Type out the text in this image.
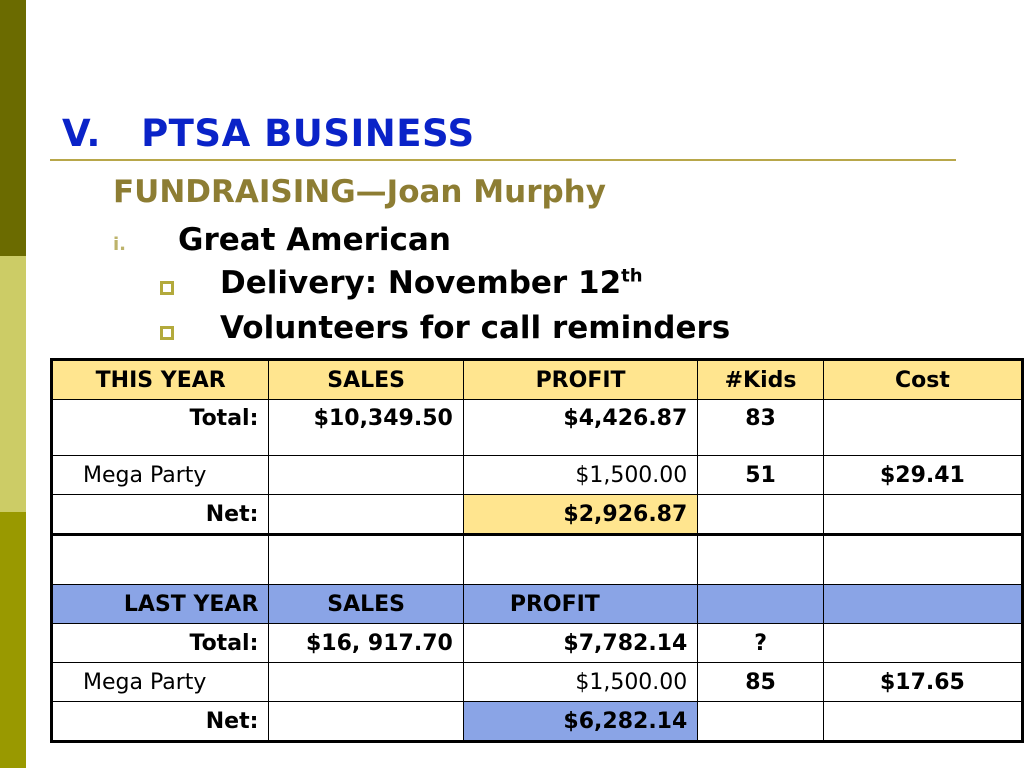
V.   PTSA BUSINESS
FUNDRAISING—Joan Murphy
i. Great American
Delivery: November 12th
Volunteers for call reminders
THIS YEAR	SALES	PROFIT	#Kids	Cost
Total:	$10,349.50	$4,426.87	83	
Mega Party		$1,500.00	51	$29.41
Net:		$2,926.87		

LAST YEAR	SALES	PROFIT		
Total:	$16, 917.70	$7,782.14	?	
Mega Party		$1,500.00	85	$17.65
Net:		$6,282.14		
